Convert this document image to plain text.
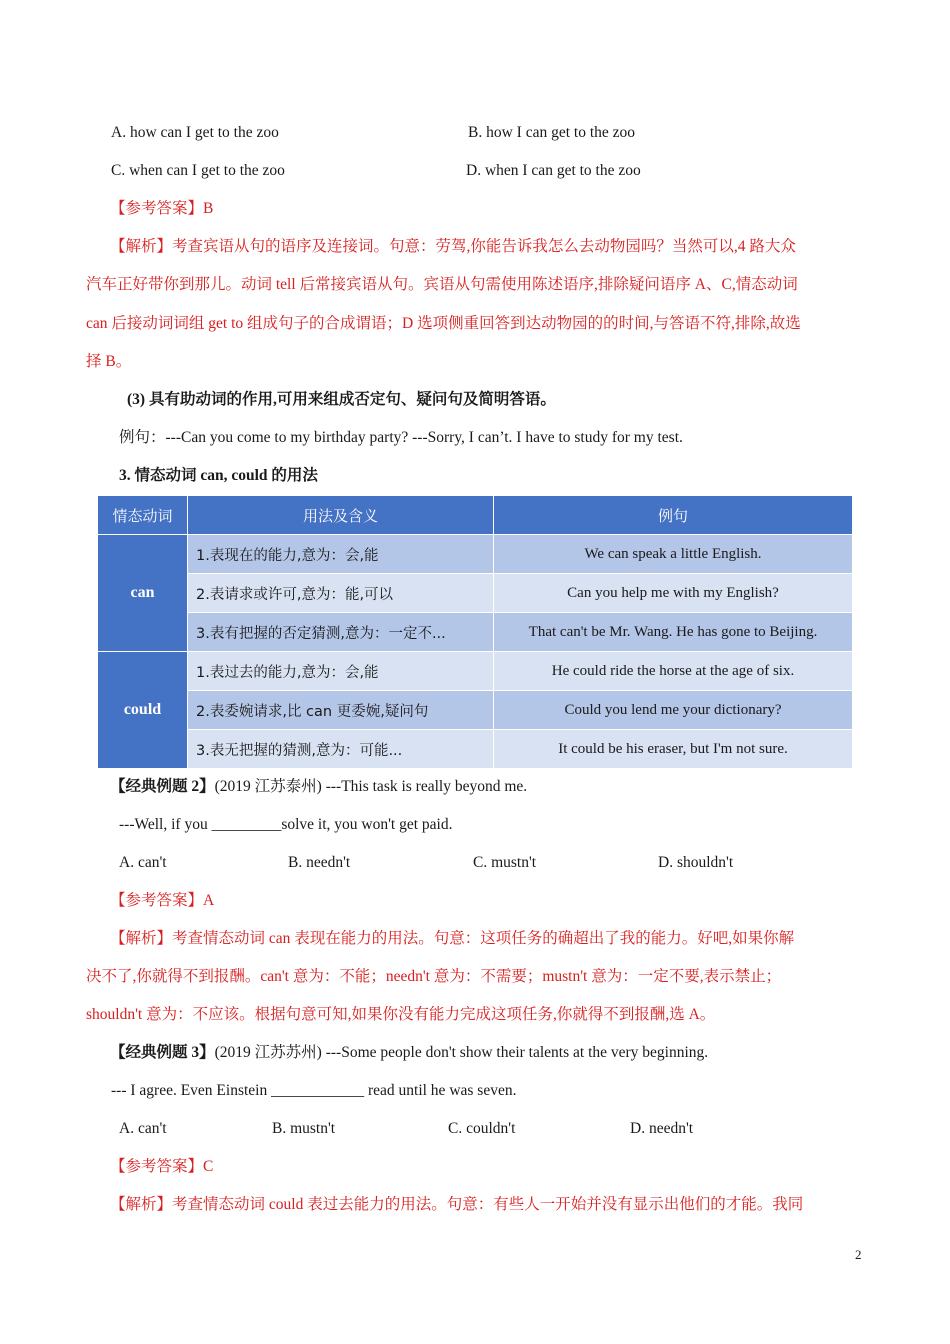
A. how can I get to the zoo	B. how I can get to the zoo
C. when can I get to the zoo	D. when I can get to the zoo
【参考答案】B
【解析】考查宾语从句的语序及连接词。句意：劳驾,你能告诉我怎么去动物园吗？当然可以,4 路大众
汽车正好带你到那儿。动词 tell 后常接宾语从句。宾语从句需使用陈述语序,排除疑问语序 A、C,情态动词
can 后接动词词组 get to 组成句子的合成谓语；D 选项侧重回答到达动物园的的时间,与答语不符,排除,故选
择 B。
(3) 具有助动词的作用,可用来组成否定句、疑问句及简明答语。
例句：---Can you come to my birthday party? ---Sorry, I can’t. I have to study for my test.
3. 情态动词 can, could 的用法
情态动词	用法及含义	例句
can	1.表现在的能力,意为：会,能	We can speak a little English.
	2.表请求或许可,意为：能,可以	Can you help me with my English?
	3.表有把握的否定猜测,意为：一定不...	That can't be Mr. Wang. He has gone to Beijing.
could	1.表过去的能力,意为：会,能	He could ride the horse at the age of six.
	2.表委婉请求,比 can 更委婉,疑问句	Could you lend me your dictionary?
	3.表无把握的猜测,意为：可能...	It could be his eraser, but I'm not sure.
【经典例题 2】(2019 江苏泰州) ---This task is really beyond me.
---Well, if you _________solve it, you won't get paid.
A. can't	B. needn't	C. mustn't	D. shouldn't
【参考答案】A
【解析】考查情态动词 can 表现在能力的用法。句意：这项任务的确超出了我的能力。好吧,如果你解
决不了,你就得不到报酬。can't 意为：不能；needn't 意为：不需要；mustn't 意为：一定不要,表示禁止；
shouldn't 意为：不应该。根据句意可知,如果你没有能力完成这项任务,你就得不到报酬,选 A。
【经典例题 3】(2019 江苏苏州) ---Some people don't show their talents at the very beginning.
--- I agree. Even Einstein ____________ read until he was seven.
A. can't	B. mustn't	C. couldn't	D. needn't
【参考答案】C
【解析】考查情态动词 could 表过去能力的用法。句意：有些人一开始并没有显示出他们的才能。我同
2
